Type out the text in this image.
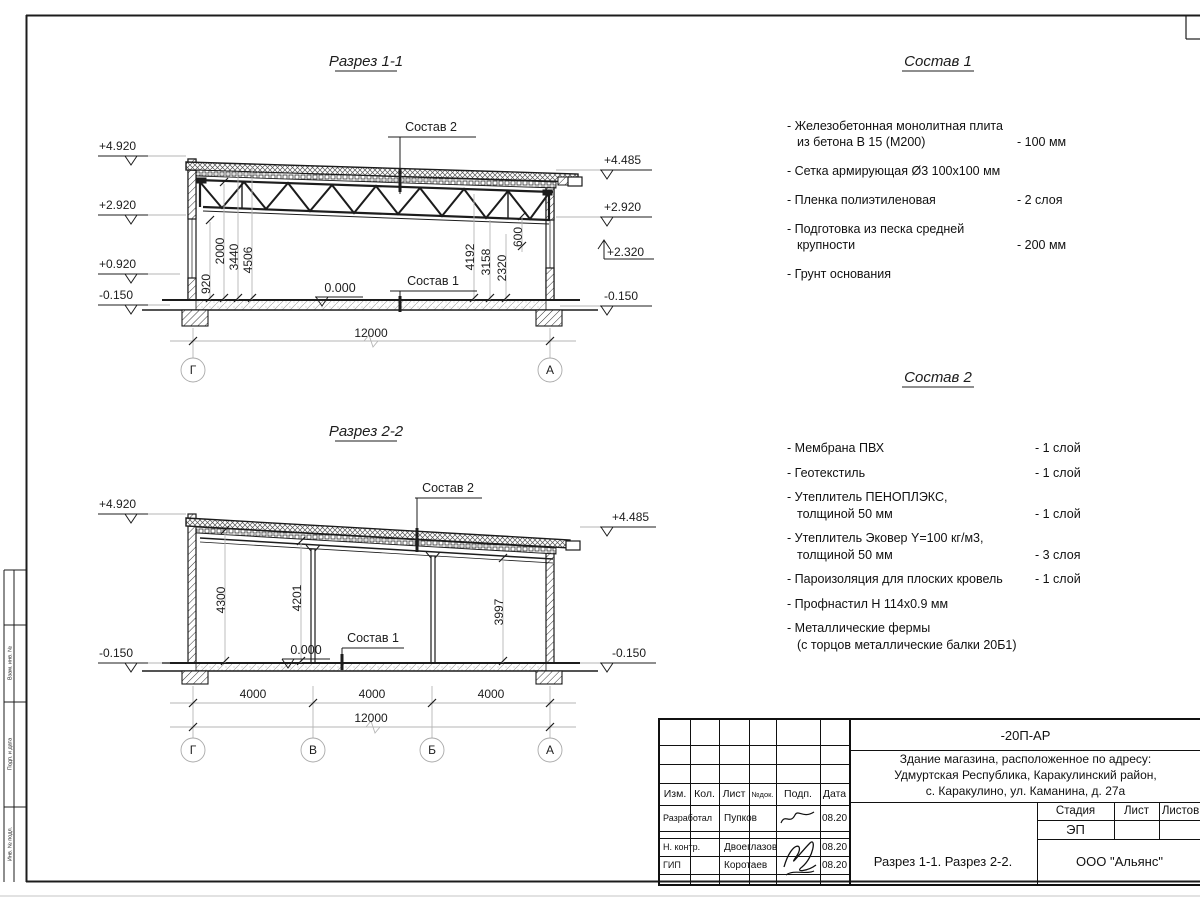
Взам. инв. №
Подп. и дата
Инв. № подл.
Разрез 1-1
+4.920
+2.920
+0.920
-0.150
+4.485
+2.920
+2.320
-0.150
Состав 2
Состав 1
0.000
920
2000 3440 4506	4192 3158 2320
600
12000
Г	А
Разрез 2-2
+4.920
-0.150
+4.485
-0.150
Состав 2
Состав 1
0.000
4300	4201
3997
4000	4000	4000
12000
Г	В	Б	А
Состав 1
Состав 2
- Железобетонная монолитная плита
из бетона В 15 (М200)	- 100 мм
- Сетка армирующая Ø3 100х100 мм
- Пленка полиэтиленовая	- 2 слоя
- Подготовка из песка средней
крупности	- 200 мм
- Грунт основания
- Мембрана ПВХ	- 1 слой
- Геотекстиль	- 1 слой
- Утеплитель ПЕНОПЛЭКС,
толщиной 50 мм	- 1 слой
- Утеплитель Эковер Y=100 кг/м3,
толщиной 50 мм	- 3 слоя
- Пароизоляция для плоских кровель	- 1 слой
- Профнастил Н 114х0.9 мм
- Металлические фермы
(с торцов металлические балки 20Б1)
Изм. Кол. Лист №док.	Подп.	Дата
Разработал	Пупков	08.20
Н. контр.	Двоеглазов	08.20
ГИП	Коротаев	08.20
-20П-АР
Здание магазина, расположенное по адресу:
Удмуртская Республика, Каракулинский район,
с. Каракулино, ул. Каманина, д. 27а
Разрез 1-1. Разрез 2-2.
Стадия	Лист	Листов
ЭП
ООО "Альянс"
